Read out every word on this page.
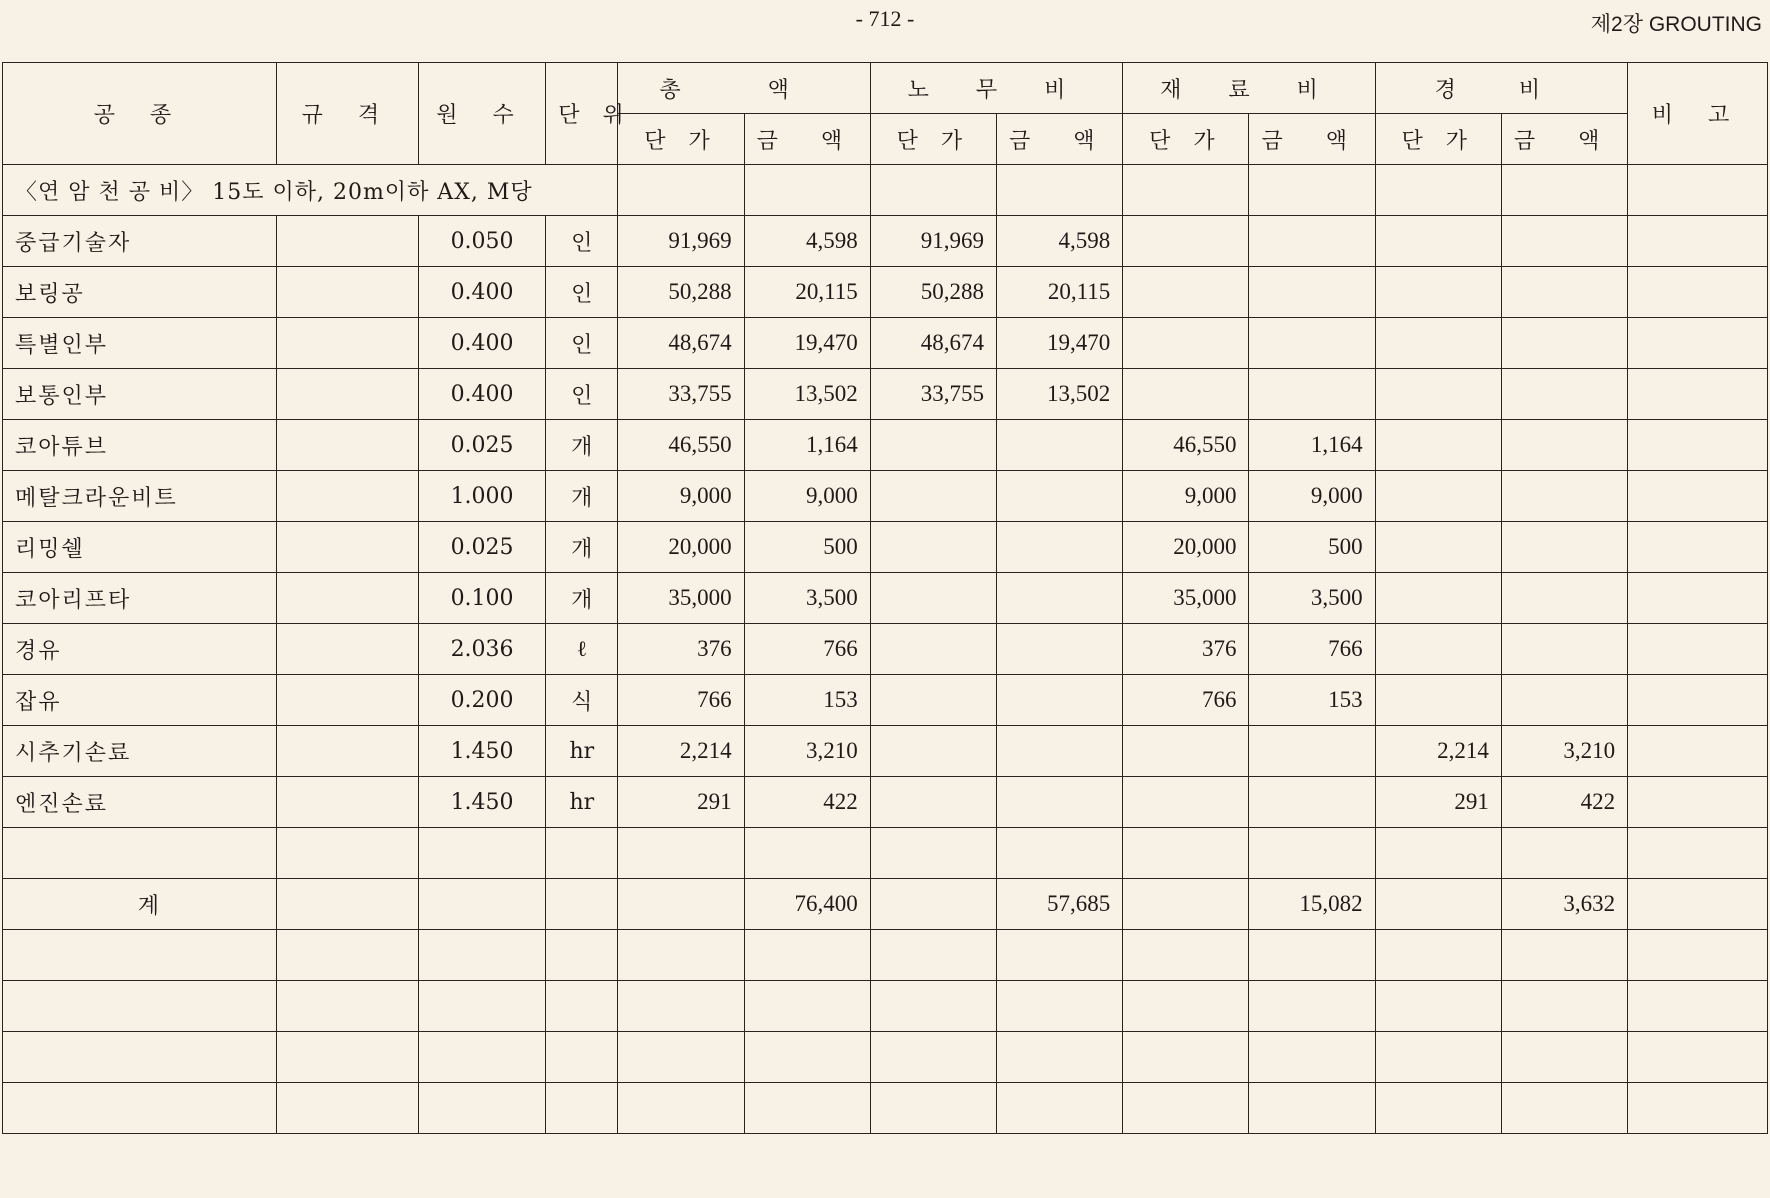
- 712 -	제2장 GROUTING
공 종	규 격	원 수	단 위	총 액		노 무 비		재 료 비		경 비		비 고
				단 가	금 액	단 가	금 액	단 가	금 액	단 가	금 액	
〈연 암 천 공 비〉 15도 이하, 20m이하 AX, M당												
중급기술자		0.050	인	91,969	4,598	91,969	4,598					
보링공		0.400	인	50,288	20,115	50,288	20,115					
특별인부		0.400	인	48,674	19,470	48,674	19,470					
보통인부		0.400	인	33,755	13,502	33,755	13,502					
코아튜브		0.025	개	46,550	1,164			46,550	1,164			
메탈크라운비트		1.000	개	9,000	9,000			9,000	9,000			
리밍쉘		0.025	개	20,000	500			20,000	500			
코아리프타		0.100	개	35,000	3,500			35,000	3,500			
경유		2.036	ℓ	376	766			376	766			
잡유		0.200	식	766	153			766	153			
시추기손료		1.450	hr	2,214	3,210					2,214	3,210	
엔진손료		1.450	hr	291	422					291	422	

계					76,400		57,685		15,082		3,632	
